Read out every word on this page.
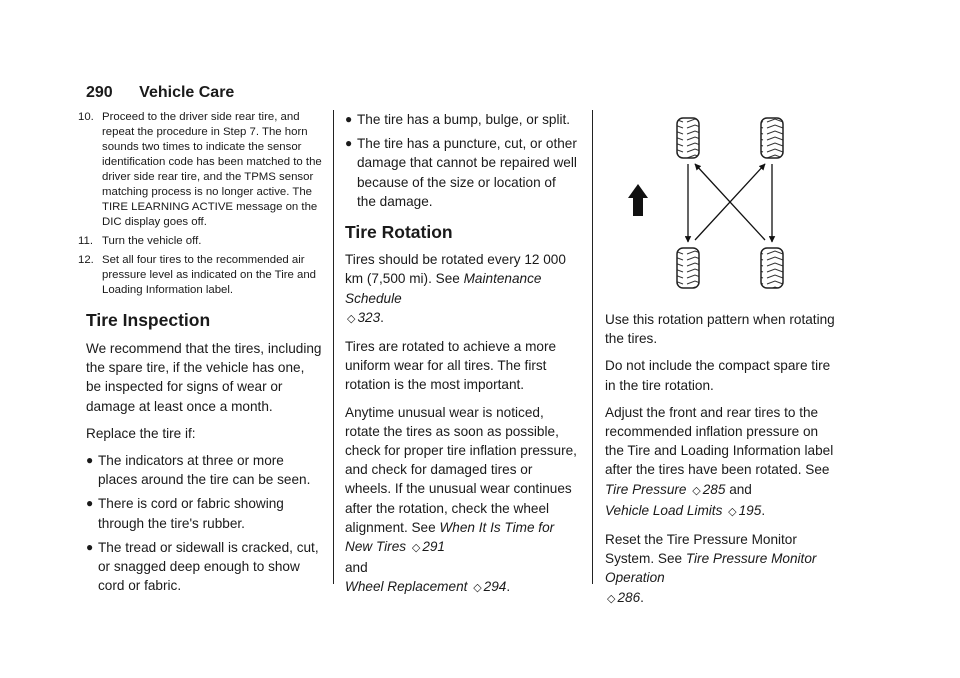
290 Vehicle Care
10. Proceed to the driver side rear tire, and repeat the procedure in Step 7. The horn sounds two times to indicate the sensor identification code has been matched to the driver side rear tire, and the TPMS sensor matching process is no longer active. The TIRE LEARNING ACTIVE message on the DIC display goes off.
11. Turn the vehicle off.
12. Set all four tires to the recommended air pressure level as indicated on the Tire and Loading Information label.
Tire Inspection

We recommend that the tires, including the spare tire, if the vehicle has one, be inspected for signs of wear or damage at least once a month.

Replace the tire if:

● The indicators at three or more places around the tire can be seen.
● There is cord or fabric showing through the tire's rubber.
● The tread or sidewall is cracked, cut, or snagged deep enough to show cord or fabric.
● The tire has a bump, bulge, or split.
● The tire has a puncture, cut, or other damage that cannot be repaired well because of the size or location of the damage.
Tire Rotation

Tires should be rotated every 12 000 km (7,500 mi). See Maintenance Schedule
◇ 323.

Tires are rotated to achieve a more uniform wear for all tires. The first rotation is the most important.

Anytime unusual wear is noticed, rotate the tires as soon as possible, check for proper tire inflation pressure, and check for damaged tires or wheels. If the unusual wear continues after the rotation, check the wheel alignment. See When It Is Time for New Tires ◇ 291
and
Wheel Replacement ◇ 294.

Use this rotation pattern when rotating the tires.

Do not include the compact spare tire in the tire rotation.

Adjust the front and rear tires to the recommended inflation pressure on the Tire and Loading Information label after the tires have been rotated. See Tire Pressure ◇ 285 and
Vehicle Load Limits ◇ 195.

Reset the Tire Pressure Monitor System. See Tire Pressure Monitor Operation
◇ 286.
